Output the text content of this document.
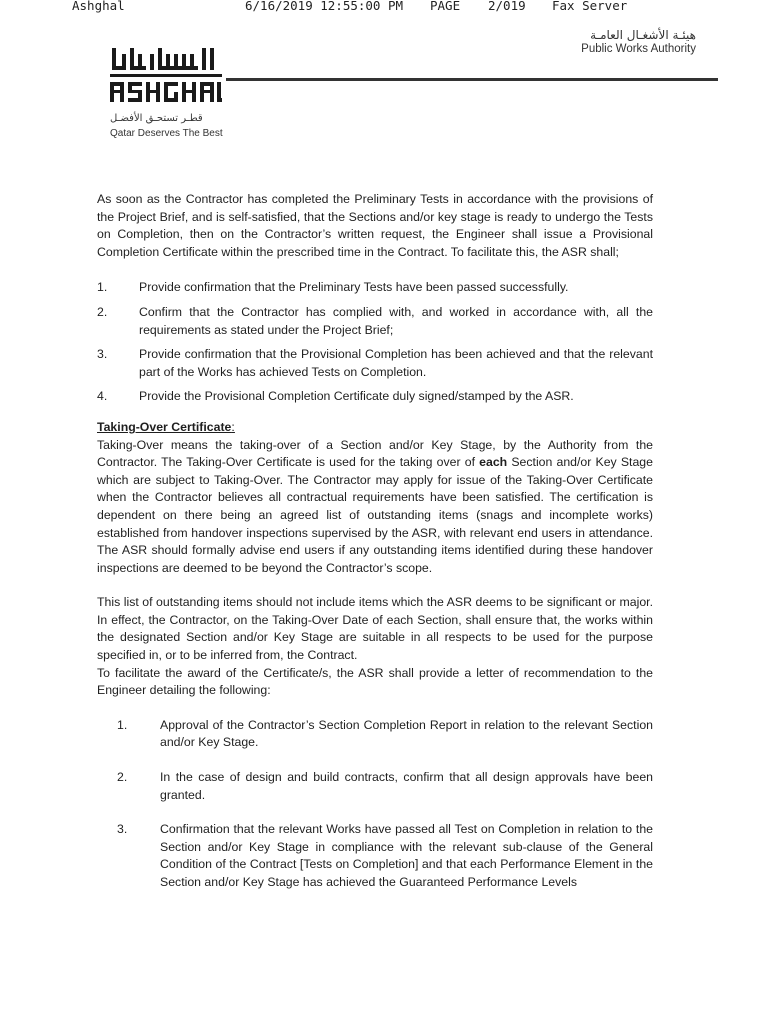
Ashghal	6/16/2019 12:55:00 PM PAGE 2/019 Fax Server
قطـر تستحـق الأفضـل
Qatar Deserves The Best
هيئـة الأشغـال العامـة
Public Works Authority

As soon as the Contractor has completed the Preliminary Tests in accordance with the provisions of the Project Brief, and is self-satisfied, that the Sections and/or key stage is ready to undergo the Tests on Completion, then on the Contractor’s written request, the Engineer shall issue a Provisional Completion Certificate within the prescribed time in the Contract. To facilitate this, the ASR shall;

1.	Provide confirmation that the Preliminary Tests have been passed successfully.
2.	Confirm that the Contractor has complied with, and worked in accordance with, all the requirements as stated under the Project Brief;
3.	Provide confirmation that the Provisional Completion has been achieved and that the relevant part of the Works has achieved Tests on Completion.
4.	Provide the Provisional Completion Certificate duly signed/stamped by the ASR.

Taking-Over Certificate:

Taking-Over means the taking-over of a Section and/or Key Stage, by the Authority from the Contractor. The Taking-Over Certificate is used for the taking over of each Section and/or Key Stage which are subject to Taking-Over. The Contractor may apply for issue of the Taking-Over Certificate when the Contractor believes all contractual requirements have been satisfied. The certification is dependent on there being an agreed list of outstanding items (snags and incomplete works) established from handover inspections supervised by the ASR, with relevant end users in attendance. The ASR should formally advise end users if any outstanding items identified during these handover inspections are deemed to be beyond the Contractor’s scope.

This list of outstanding items should not include items which the ASR deems to be significant or major. In effect, the Contractor, on the Taking-Over Date of each Section, shall ensure that, the works within the designated Section and/or Key Stage are suitable in all respects to be used for the purpose specified in, or to be inferred from, the Contract.

To facilitate the award of the Certificate/s, the ASR shall provide a letter of recommendation to the Engineer detailing the following:

1.	Approval of the Contractor’s Section Completion Report in relation to the relevant Section and/or Key Stage.
2.	In the case of design and build contracts, confirm that all design approvals have been granted.
3.	Confirmation that the relevant Works have passed all Test on Completion in relation to the Section and/or Key Stage in compliance with the relevant sub-clause of the General Condition of the Contract [Tests on Completion] and that each Performance Element in the Section and/or Key Stage has achieved the Guaranteed Performance Levels
